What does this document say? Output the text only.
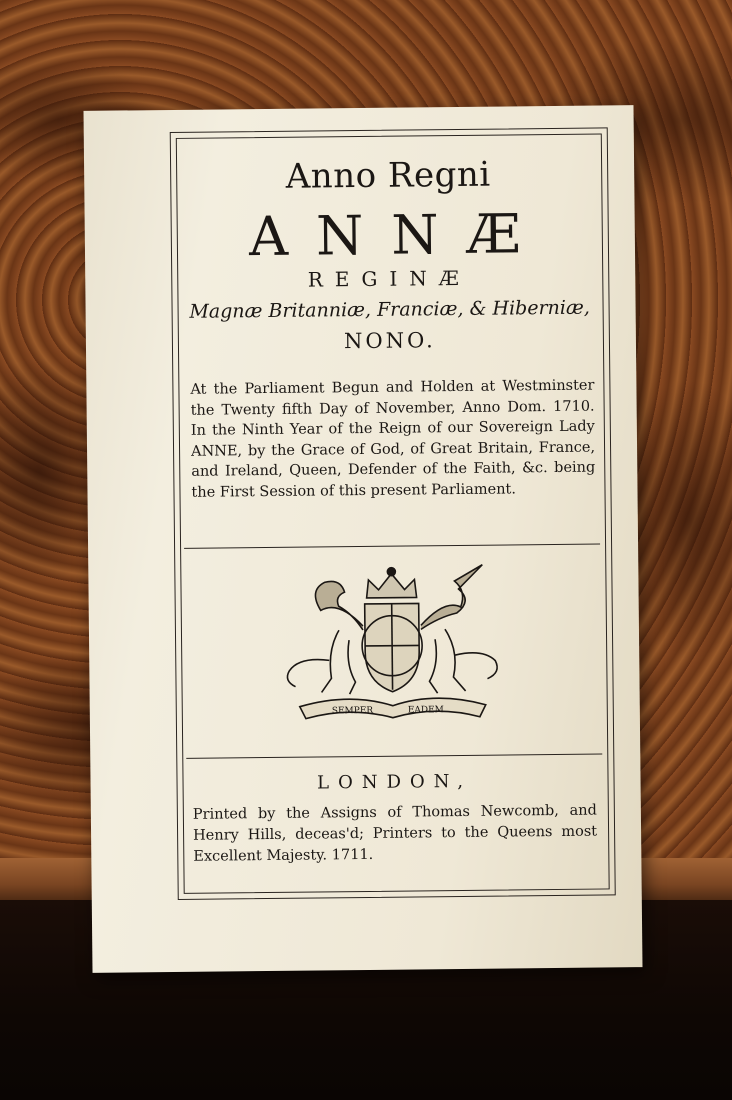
Anno Regni
ANNÆ
REGINÆ
Magnæ Britanniæ, Franciæ, & Hiberniæ,
NONO.
At the Parliament Begun and Holden at Westminster the Twenty fifth Day of November, Anno Dom. 1710. In the Ninth Year of the Reign of our Sovereign Lady ANNE, by the Grace of God, of Great Britain, France, and Ireland, Queen, Defender of the Faith, &c. being the First Session of this present Parliament.
SEMPER	EADEM
LONDON,
Printed by the Assigns of Thomas Newcomb, and Henry Hills, deceas'd; Printers to the Queens most Excellent Majesty. 1711.
